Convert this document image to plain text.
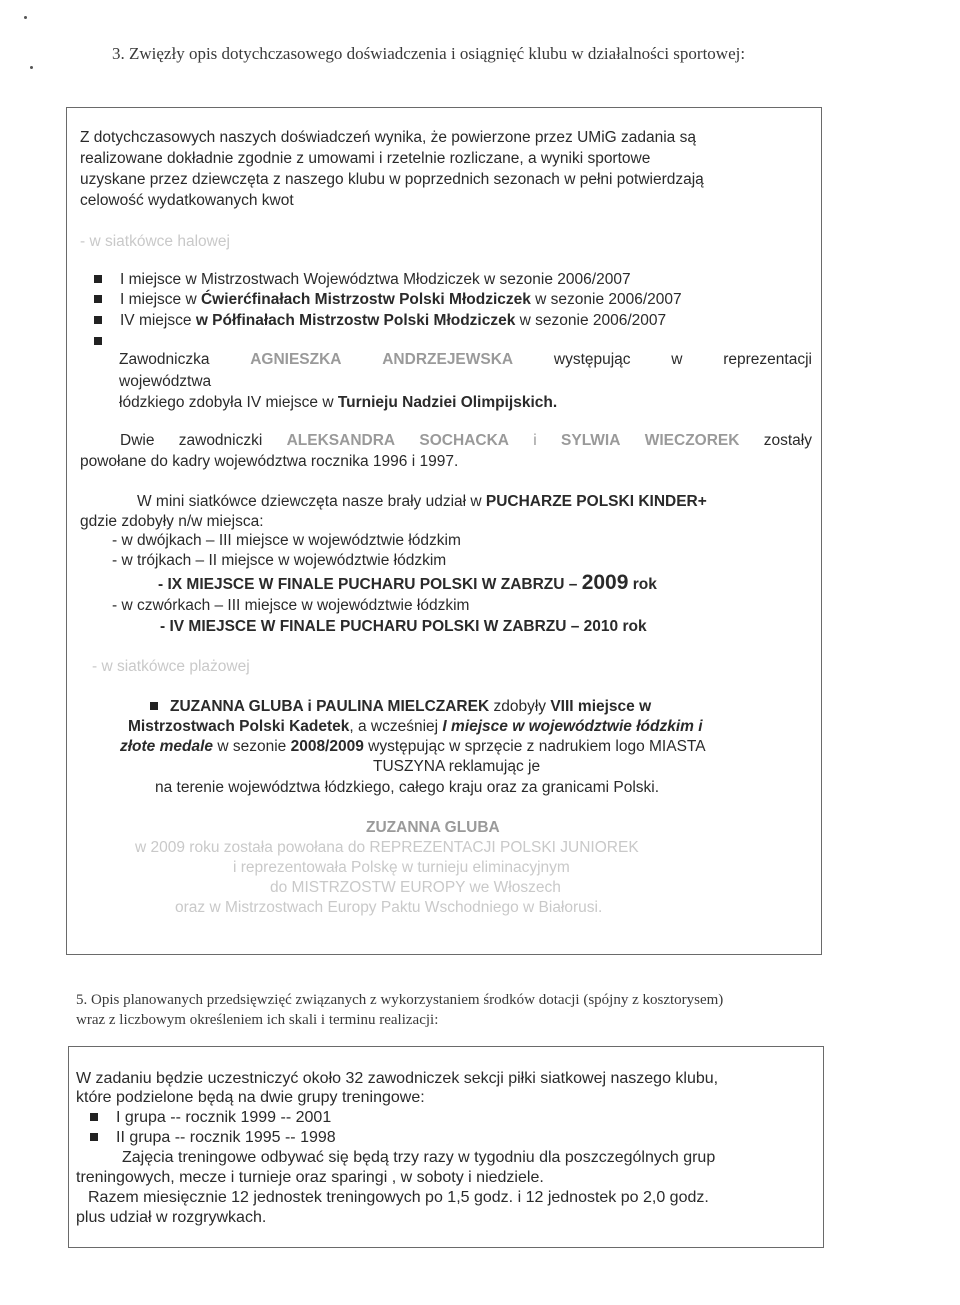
3. Zwięzły opis dotychczasowego doświadczenia i osiągnięć klubu w działalności sportowej:
Z dotychczasowych naszych doświadczeń wynika, że powierzone przez UMiG zadania są
realizowane dokładnie zgodnie z umowami i rzetelnie rozliczane, a wyniki sportowe
uzyskane przez dziewczęta z naszego klubu w poprzednich sezonach w pełni potwierdzają
celowość wydatkowanych kwot
- w siatkówce halowej
I miejsce w Mistrzostwach Województwa Młodziczek w sezonie 2006/2007
I miejsce w Ćwierćfinałach Mistrzostw Polski Młodziczek w sezonie 2006/2007
IV miejsce w Półfinałach Mistrzostw Polski Młodziczek w sezonie 2006/2007
Zawodniczka	AGNIESZKA	ANDRZEJEWSKA	występując	w	reprezentacji
województwa
łódzkiego zdobyła IV miejsce w Turnieju Nadziei Olimpijskich.
Dwie zawodniczki ALEKSANDRA SOCHACKA i SYLWIA WIECZOREK zostały
powołane do kadry województwa rocznika 1996 i 1997.
W mini siatkówce dziewczęta nasze brały udział w PUCHARZE POLSKI KINDER+
gdzie zdobyły n/w miejsca:
- w dwójkach – III miejsce w województwie łódzkim
- w trójkach – II miejsce w województwie łódzkim
- IX MIEJSCE W FINALE PUCHARU POLSKI W ZABRZU – 2009 rok
- w czwórkach – III miejsce w województwie łódzkim
- IV MIEJSCE W FINALE PUCHARU POLSKI W ZABRZU – 2010 rok
- w siatkówce plażowej
ZUZANNA GLUBA i PAULINA MIELCZAREK zdobyły VIII miejsce w
Mistrzostwach Polski Kadetek, a wcześniej I miejsce w województwie łódzkim i
złote medale w sezonie 2008/2009 występując w sprzęcie z nadrukiem logo MIASTA
TUSZYNA reklamując je
na terenie województwa łódzkiego, całego kraju oraz za granicami Polski.
ZUZANNA GLUBA
w 2009 roku została powołana do REPREZENTACJI POLSKI JUNIOREK
i reprezentowała Polskę w turnieju eliminacyjnym
do MISTRZOSTW EUROPY we Włoszech
oraz w Mistrzostwach Europy Paktu Wschodniego w Białorusi.
5. Opis planowanych przedsięwzięć związanych z wykorzystaniem środków dotacji (spójny z kosztorysem)
wraz z liczbowym określeniem ich skali i terminu realizacji:
W zadaniu będzie uczestniczyć około 32 zawodniczek sekcji piłki siatkowej naszego klubu,
które podzielone będą na dwie grupy treningowe:
I grupa -- rocznik 1999 -- 2001
II grupa -- rocznik 1995 -- 1998
Zajęcia treningowe odbywać się będą trzy razy w tygodniu dla poszczególnych grup
treningowych, mecze i turnieje oraz sparingi , w soboty i niedziele.
Razem miesięcznie 12 jednostek treningowych po 1,5 godz. i 12 jednostek po 2,0 godz.
plus udział w rozgrywkach.
